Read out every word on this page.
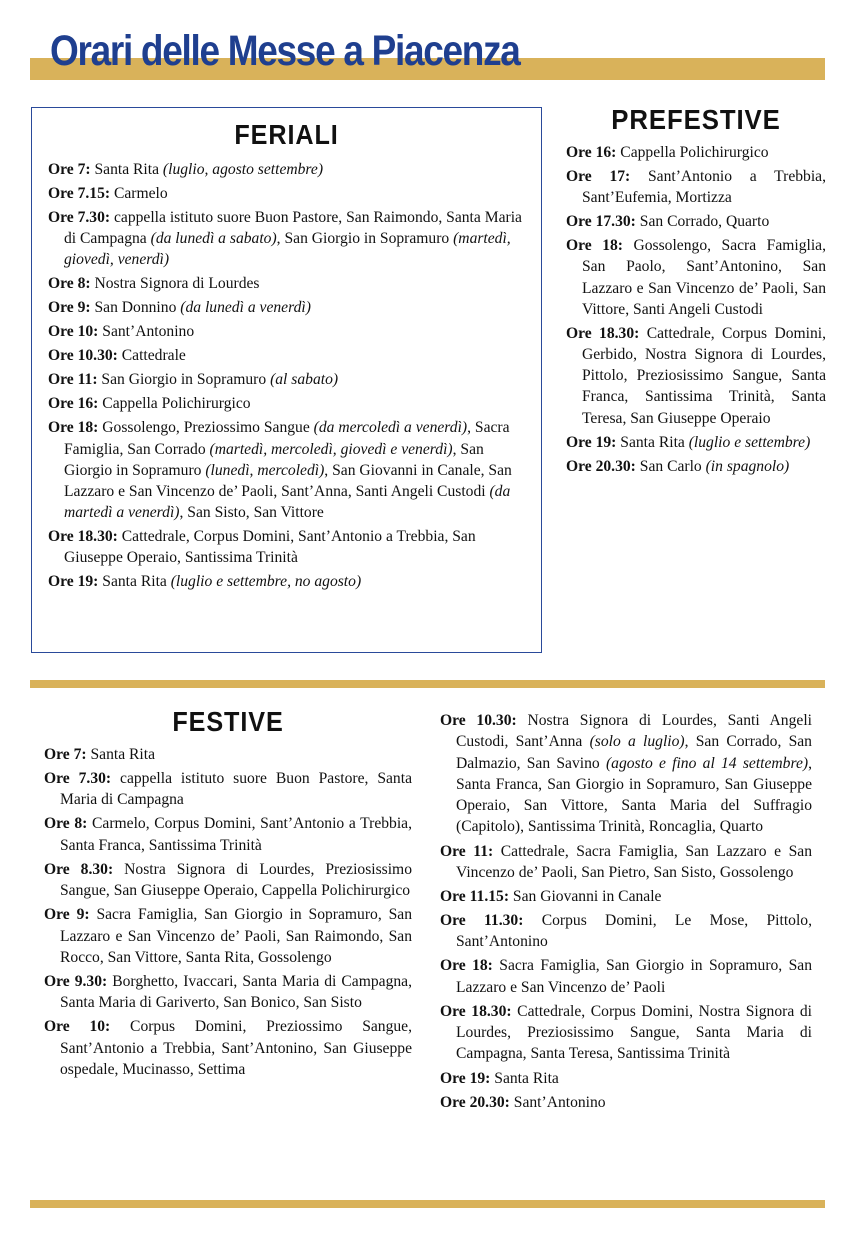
Orari delle Messe a Piacenza
FERIALI

Ore 7: Santa Rita (luglio, agosto settembre)

Ore 7.15: Carmelo

Ore 7.30: cappella istituto suore Buon Pastore, San Raimondo, Santa Maria di Campagna (da lunedì a sabato), San Giorgio in Sopramuro (martedì, giovedì, venerdì)

Ore 8: Nostra Signora di Lourdes

Ore 9: San Donnino (da lunedì a venerdì)

Ore 10: Sant’Antonino

Ore 10.30: Cattedrale

Ore 11: San Giorgio in Sopramuro (al sabato)

Ore 16: Cappella Polichirurgico

Ore 18: Gossolengo, Preziossimo Sangue (da mercoledì a venerdì), Sacra Famiglia, San Corrado (martedì, mercoledì, giovedì e venerdì), San Giorgio in Sopramuro (lunedì, mercoledì), San Giovanni in Canale, San Lazzaro e San Vincenzo de’ Paoli, Sant’Anna, Santi Angeli Custodi (da martedì a venerdì), San Sisto, San Vittore

Ore 18.30: Cattedrale, Corpus Domini, Sant’Antonio a Trebbia, San Giuseppe Operaio, Santissima Trinità

Ore 19: Santa Rita (luglio e settembre, no agosto)

PREFESTIVE

Ore 16: Cappella Polichirurgico

Ore 17: Sant’Antonio a Trebbia, Sant’Eufemia, Mortizza

Ore 17.30: San Corrado, Quarto

Ore 18: Gossolengo, Sacra Famiglia, San Paolo, Sant’Antonino, San Lazzaro e San Vincenzo de’ Paoli, San Vittore, Santi Angeli Custodi

Ore 18.30: Cattedrale, Corpus Domini, Gerbido, Nostra Signora di Lourdes, Pittolo, Preziosissimo Sangue, Santa Franca, Santissima Trinità, Santa Teresa, San Giuseppe Operaio

Ore 19: Santa Rita (luglio e settembre)

Ore 20.30: San Carlo (in spagnolo)

FESTIVE

Ore 7: Santa Rita

Ore 7.30: cappella istituto suore Buon Pastore, Santa Maria di Campagna

Ore 8: Carmelo, Corpus Domini, Sant’Antonio a Trebbia, Santa Franca, Santissima Trinità

Ore 8.30: Nostra Signora di Lourdes, Preziosissimo Sangue, San Giuseppe Operaio, Cappella Polichirurgico

Ore 9: Sacra Famiglia, San Giorgio in Sopramuro, San Lazzaro e San Vincenzo de’ Paoli, San Raimondo, San Rocco, San Vittore, Santa Rita, Gossolengo

Ore 9.30: Borghetto, Ivaccari, Santa Maria di Campagna, Santa Maria di Gariverto, San Bonico, San Sisto

Ore 10: Corpus Domini, Preziossimo Sangue, Sant’Antonio a Trebbia, Sant’Antonino, San Giuseppe ospedale, Mucinasso, Settima

Ore 10.30: Nostra Signora di Lourdes, Santi Angeli Custodi, Sant’Anna (solo a luglio), San Corrado, San Dalmazio, San Savino (agosto e fino al 14 settembre), Santa Franca, San Giorgio in Sopramuro, San Giuseppe Operaio, San Vittore, Santa Maria del Suffragio (Capitolo), Santissima Trinità, Roncaglia, Quarto

Ore 11: Cattedrale, Sacra Famiglia, San Lazzaro e San Vincenzo de’ Paoli, San Pietro, San Sisto, Gossolengo

Ore 11.15: San Giovanni in Canale

Ore 11.30: Corpus Domini, Le Mose, Pittolo, Sant’Antonino

Ore 18: Sacra Famiglia, San Giorgio in Sopramuro, San Lazzaro e San Vincenzo de’ Paoli

Ore 18.30: Cattedrale, Corpus Domini, Nostra Signora di Lourdes, Preziosissimo Sangue, Santa Maria di Campagna, Santa Teresa, Santissima Trinità

Ore 19: Santa Rita

Ore 20.30: Sant’Antonino
